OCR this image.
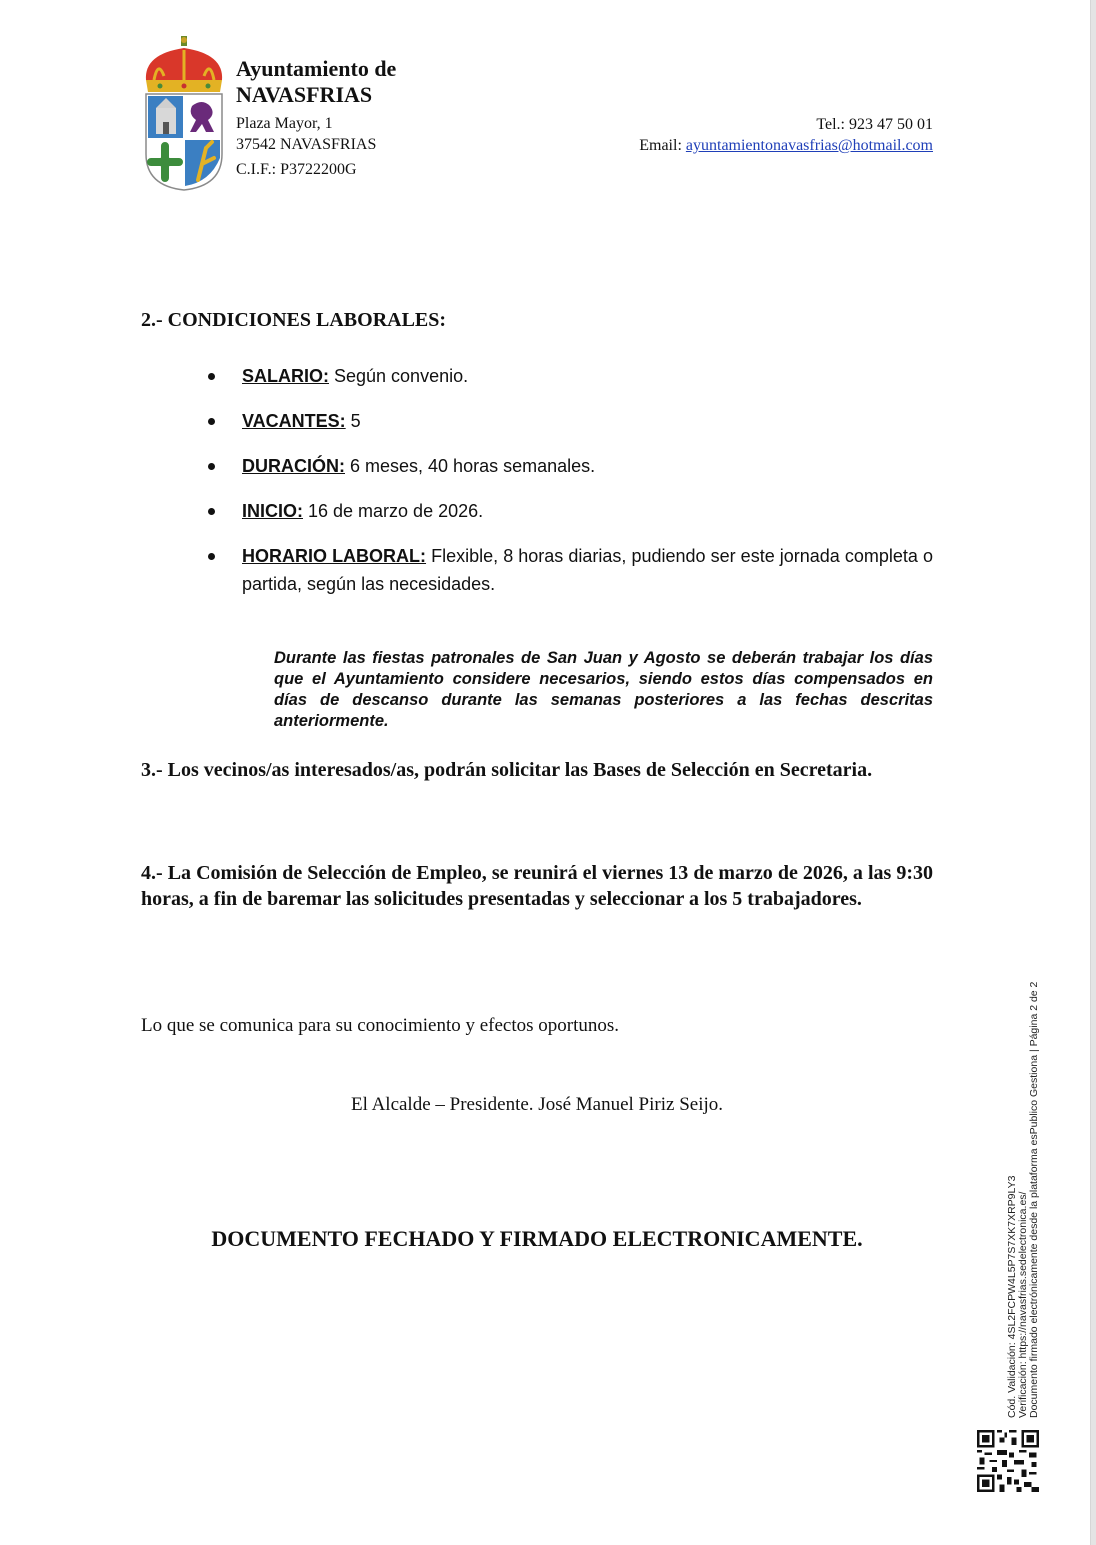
Ayuntamiento de
NAVASFRIAS
Plaza Mayor, 1
37542 NAVASFRIAS
C.I.F.: P3722200G
Tel.: 923 47 50 01
Email: ayuntamientonavasfrias@hotmail.com
2.- CONDICIONES LABORALES:
SALARIO: Según convenio.
VACANTES: 5
DURACIÓN: 6 meses, 40 horas semanales.
INICIO: 16 de marzo de 2026.
HORARIO LABORAL: Flexible, 8 horas diarias, pudiendo ser este jornada completa o partida, según las necesidades.
Durante las fiestas patronales de San Juan y Agosto se deberán trabajar los días que el Ayuntamiento considere necesarios, siendo estos días compensados en días de descanso durante las semanas posteriores a las fechas descritas anteriormente.
3.- Los vecinos/as interesados/as, podrán solicitar las Bases de Selección en Secretaria.
4.- La Comisión de Selección de Empleo, se reunirá el viernes 13 de marzo de 2026, a las 9:30 horas, a fin de baremar las solicitudes presentadas y seleccionar a los 5 trabajadores.
Lo que se comunica para su conocimiento y efectos oportunos.
El Alcalde – Presidente. José Manuel Piriz Seijo.
DOCUMENTO FECHADO Y FIRMADO ELECTRONICAMENTE.	Cód. Validación: 4SL2FCPW4L5P7S7XK7XRP9LY3 Verificación: https://navasfrias.sedelectronica.es/ Documento firmado electrónicamente desde la plataforma esPublico Gestiona | Página 2 de 2
